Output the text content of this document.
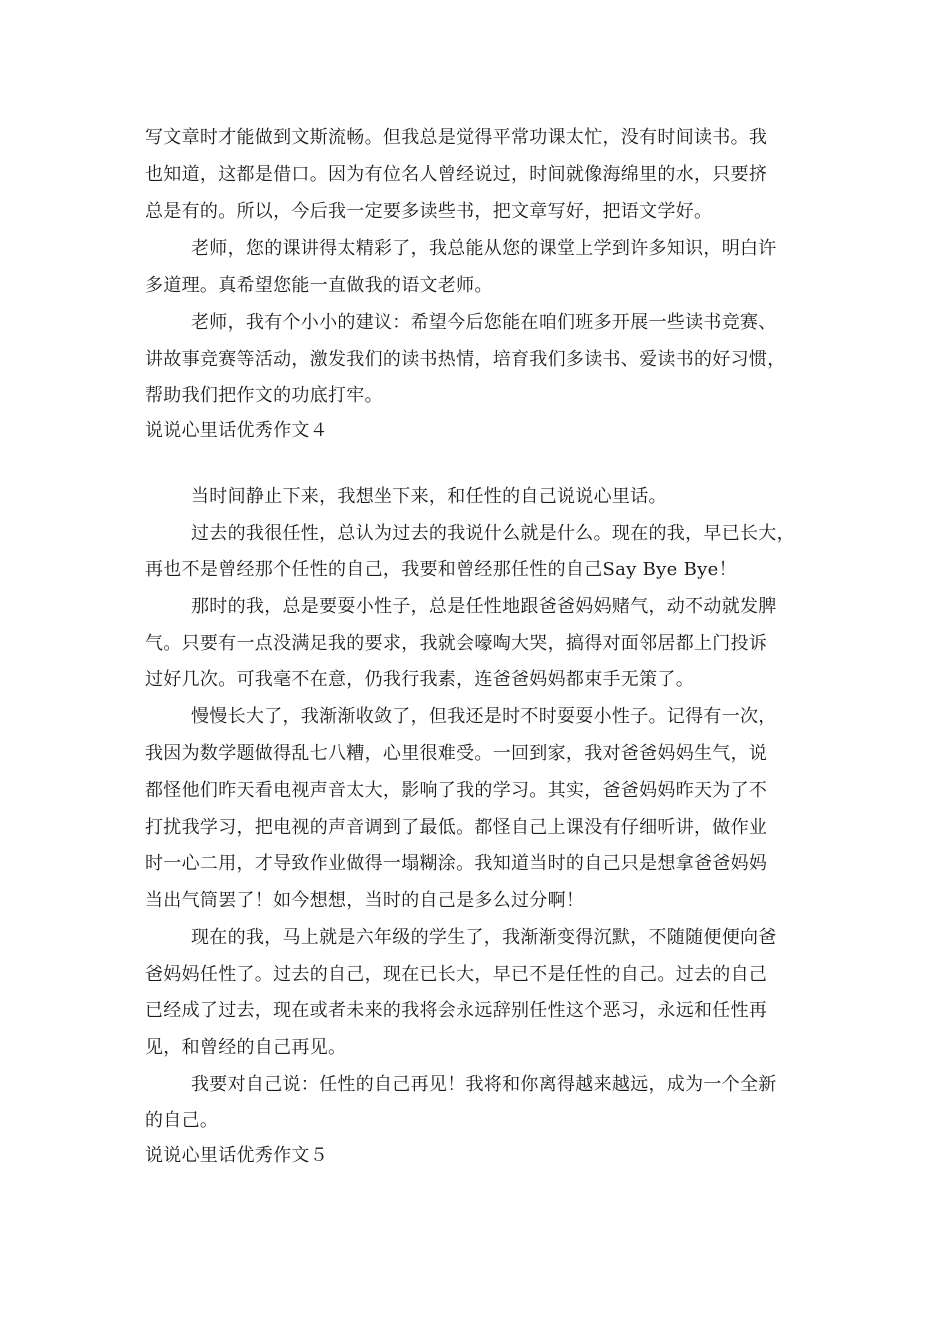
写文章时才能做到文斯流畅。但我总是觉得平常功课太忙，没有时间读书。我

也知道，这都是借口。因为有位名人曾经说过，时间就像海绵里的水，只要挤

总是有的。所以，今后我一定要多读些书，把文章写好，把语文学好。

老师，您的课讲得太精彩了，我总能从您的课堂上学到许多知识，明白许

多道理。真希望您能一直做我的语文老师。

老师，我有个小小的建议：希望今后您能在咱们班多开展一些读书竞赛、

讲故事竞赛等活动，激发我们的读书热情，培育我们多读书、爱读书的好习惯，

帮助我们把作文的功底打牢。

说说心里话优秀作文４

当时间静止下来，我想坐下来，和任性的自己说说心里话。

过去的我很任性，总认为过去的我说什么就是什么。现在的我，早已长大，

再也不是曾经那个任性的自己，我要和曾经那任性的自己Say Bye Bye！

那时的我，总是要耍小性子，总是任性地跟爸爸妈妈赌气，动不动就发脾

气。只要有一点没满足我的要求，我就会嚎啕大哭，搞得对面邻居都上门投诉

过好几次。可我毫不在意，仍我行我素，连爸爸妈妈都束手无策了。

慢慢长大了，我渐渐收敛了，但我还是时不时耍耍小性子。记得有一次，

我因为数学题做得乱七八糟，心里很难受。一回到家，我对爸爸妈妈生气，说

都怪他们昨天看电视声音太大，影响了我的学习。其实，爸爸妈妈昨天为了不

打扰我学习，把电视的声音调到了最低。都怪自己上课没有仔细听讲，做作业

时一心二用，才导致作业做得一塌糊涂。我知道当时的自己只是想拿爸爸妈妈

当出气筒罢了！如今想想，当时的自己是多么过分啊！

现在的我，马上就是六年级的学生了，我渐渐变得沉默，不随随便便向爸

爸妈妈任性了。过去的自己，现在已长大，早已不是任性的自己。过去的自己

已经成了过去，现在或者未来的我将会永远辞别任性这个恶习，永远和任性再

见，和曾经的自己再见。

我要对自己说：任性的自己再见！我将和你离得越来越远，成为一个全新

的自己。

说说心里话优秀作文５
